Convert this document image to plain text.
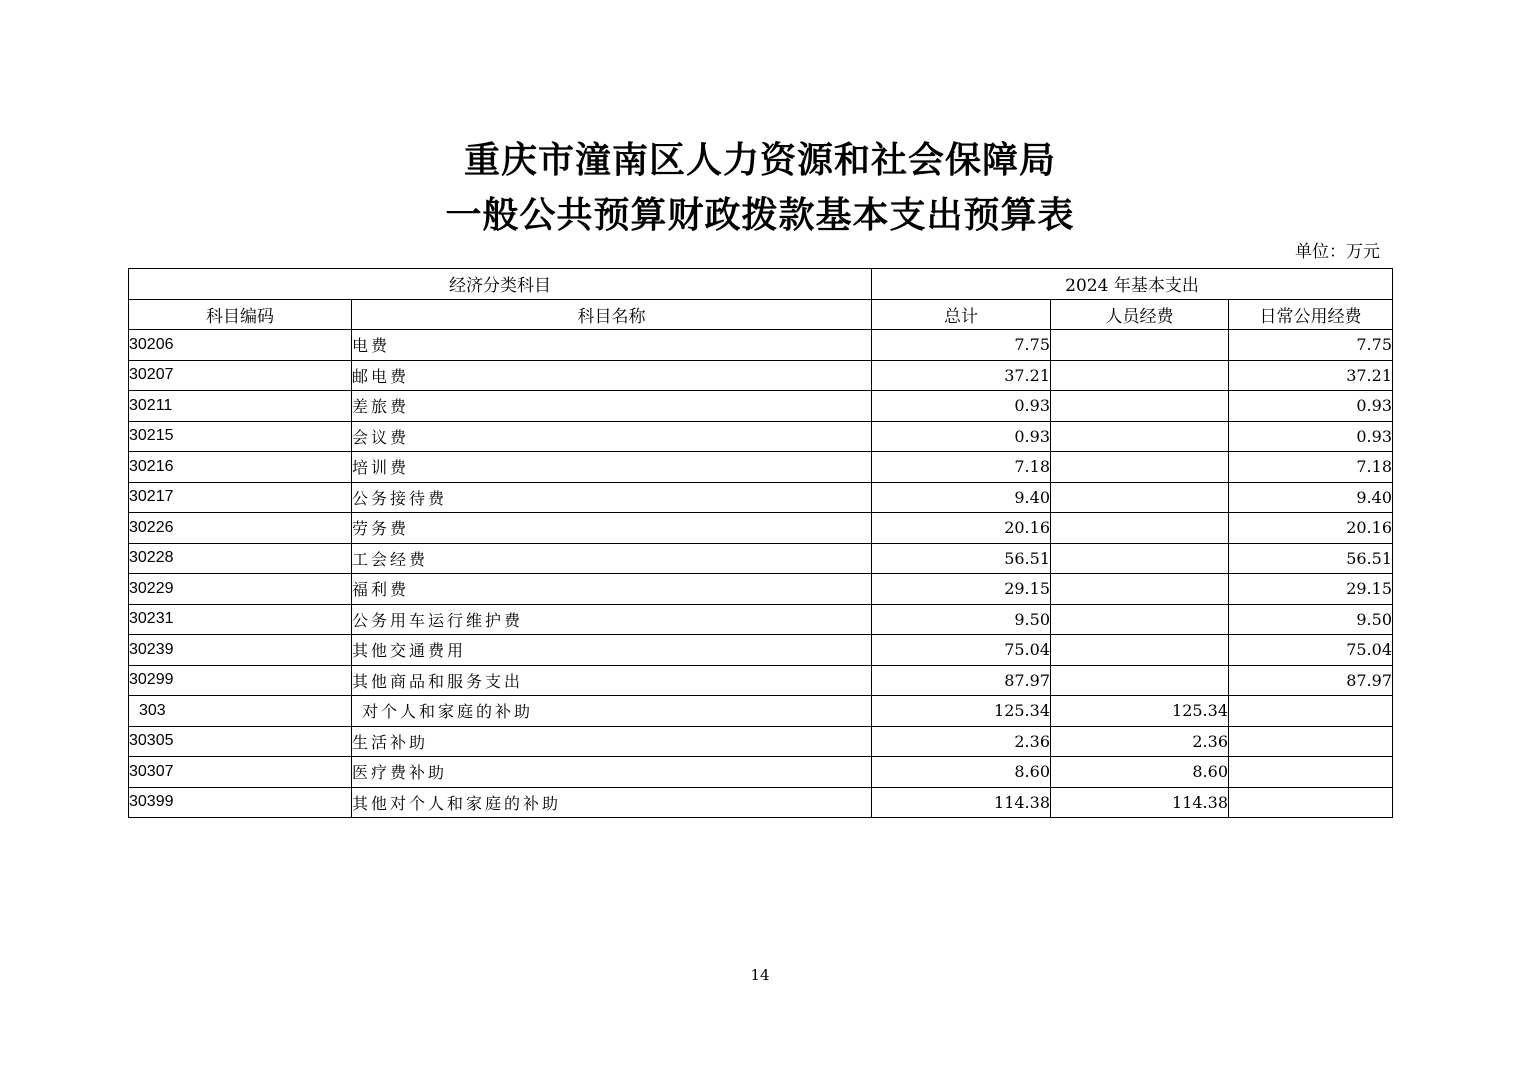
重庆市潼南区人力资源和社会保障局
一般公共预算财政拨款基本支出预算表
单位：万元
经济分类科目		2024 年基本支出		
科目编码	科目名称	总计	人员经费	日常公用经费
30206	电费	7.75		7.75
30207	邮电费	37.21		37.21
30211	差旅费	0.93		0.93
30215	会议费	0.93		0.93
30216	培训费	7.18		7.18
30217	公务接待费	9.40		9.40
30226	劳务费	20.16		20.16
30228	工会经费	56.51		56.51
30229	福利费	29.15		29.15
30231	公务用车运行维护费	9.50		9.50
30239	其他交通费用	75.04		75.04
30299	其他商品和服务支出	87.97		87.97
303	对个人和家庭的补助	125.34	125.34	
30305	生活补助	2.36	2.36	
30307	医疗费补助	8.60	8.60	
30399	其他对个人和家庭的补助	114.38	114.38	
14
